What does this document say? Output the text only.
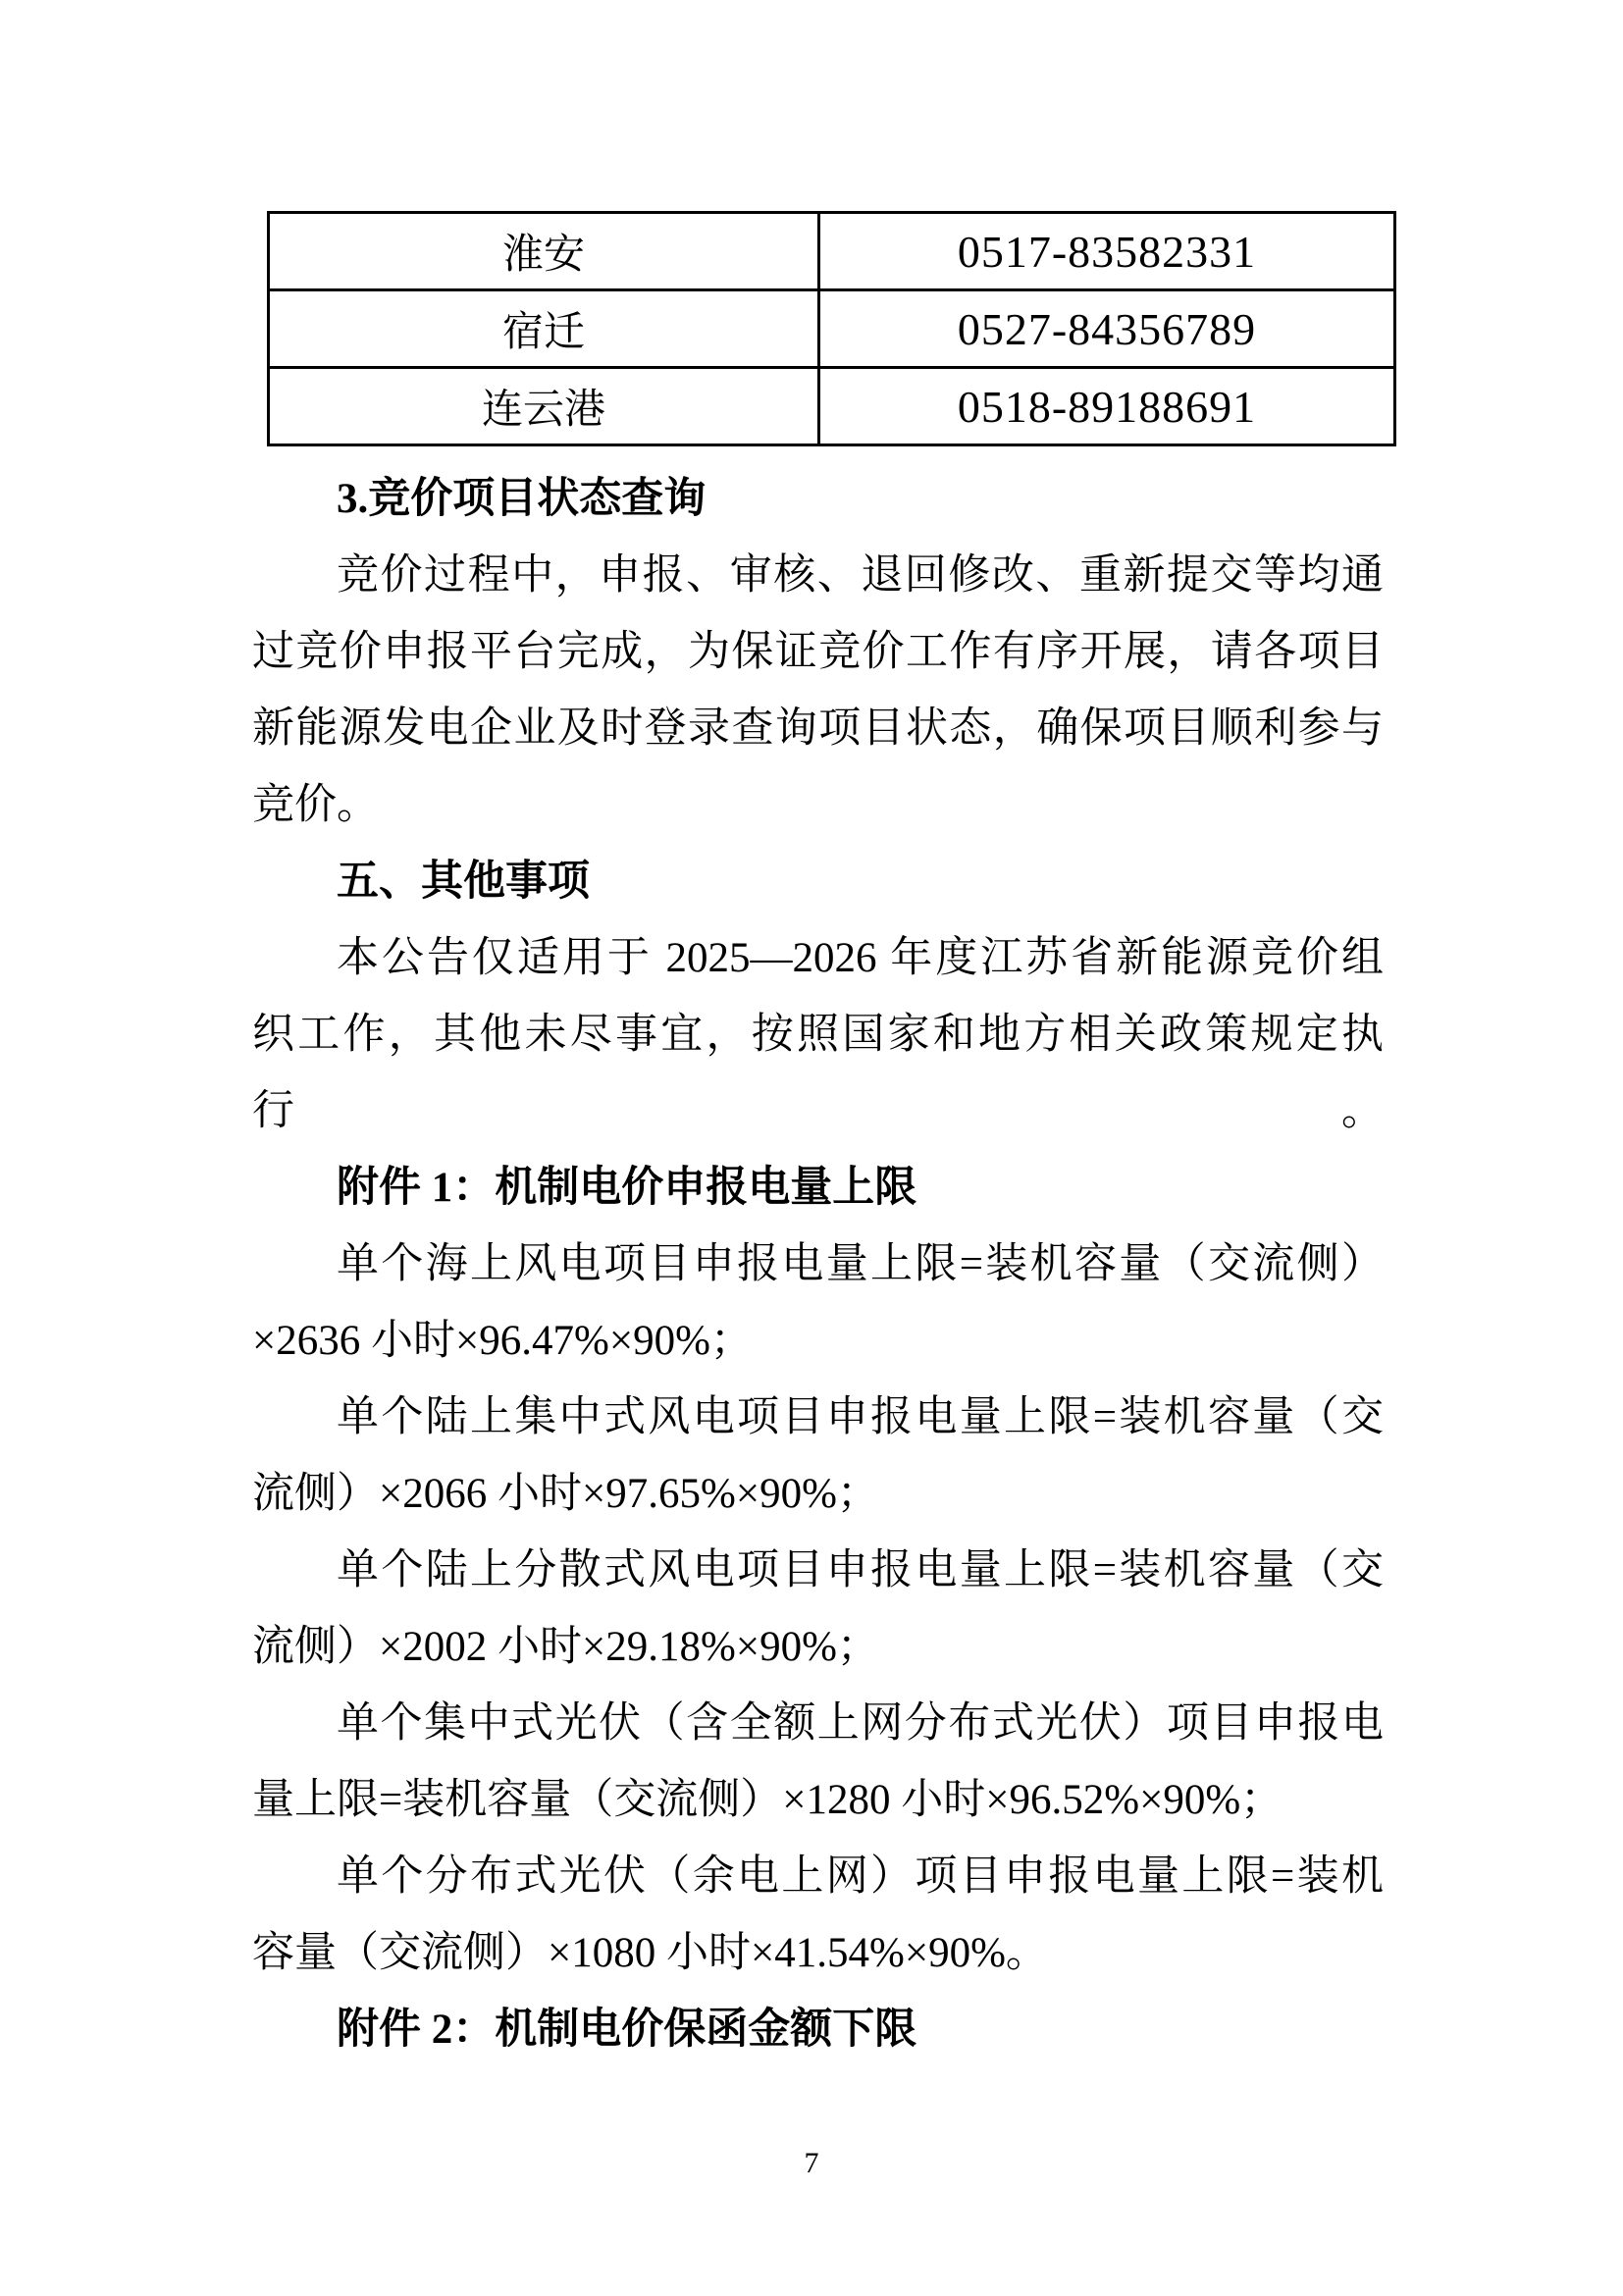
淮安	0517-83582331
宿迁	0527-84356789
连云港	0518-89188691
3.竞价项目状态查询
竞价过程中，申报、审核、退回修改、重新提交等均通
过竞价申报平台完成，为保证竞价工作有序开展，请各项目
新能源发电企业及时登录查询项目状态，确保项目顺利参与
竞价。
五、其他事项
本公告仅适用于 2025—2026 年度江苏省新能源竞价组
织工作，其他未尽事宜，按照国家和地方相关政策规定执行。
附件 1：机制电价申报电量上限
单个海上风电项目申报电量上限=装机容量（交流侧）
×2636 小时×96.47%×90%；
单个陆上集中式风电项目申报电量上限=装机容量（交
流侧）×2066 小时×97.65%×90%；
单个陆上分散式风电项目申报电量上限=装机容量（交
流侧）×2002 小时×29.18%×90%；
单个集中式光伏（含全额上网分布式光伏）项目申报电
量上限=装机容量（交流侧）×1280 小时×96.52%×90%；
单个分布式光伏（余电上网）项目申报电量上限=装机
容量（交流侧）×1080 小时×41.54%×90%。
附件 2：机制电价保函金额下限
7
